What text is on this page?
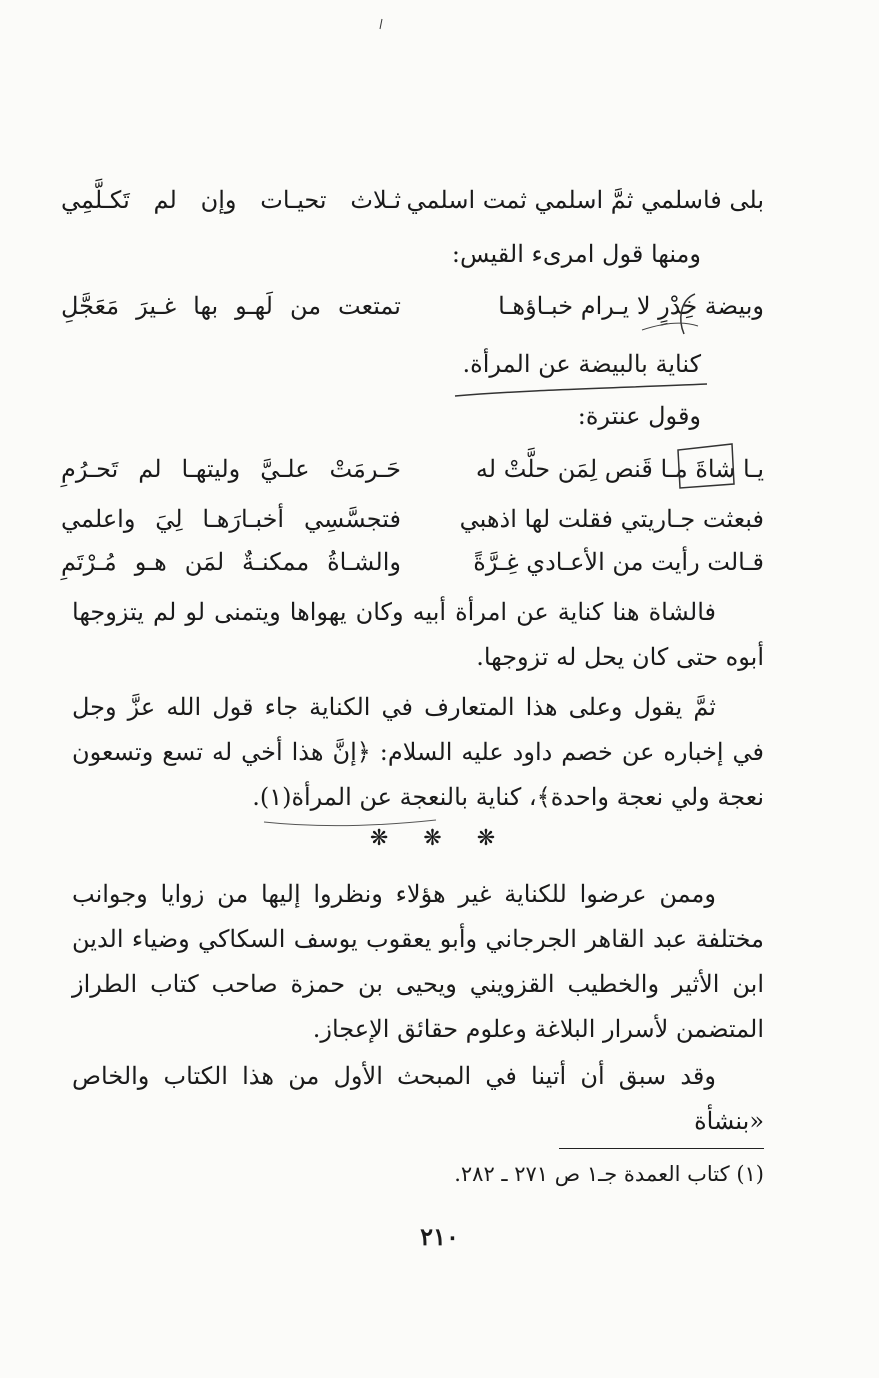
بلى فاسلمي ثمَّ اسلمي ثمت اسلمي
ثـلاث تحيـات وإن لم تَكـلَّمِي
ومنها قول امرىء القيس:
وبيضة خِدْرٍ لا يـرام خبـاؤهـا
تمتعت من لَهـو بها غـيرَ مَعَجَّلِ
كناية بالبيضة عن المرأة.
وقول عنترة:
يـا شاةَ مـا قَنص لِمَن حلَّتْ له
حَـرمَتْ علـيَّ وليتهـا لم تَحـرُمِ
فبعثت جـاريتي فقلت لها اذهبي
فتجسَّسِي أخبـارَهـا لِيَ واعلمي
قـالت رأيت من الأعـادي غِـرَّةً
والشـاةُ ممكنـةٌ لمَن هـو مُـرْتَمِ
فالشاة هنا كناية عن امرأة أبيه وكان يهواها ويتمنى لو لم يتزوجها أبوه حتى كان يحل له تزوجها.
ثمَّ يقول وعلى هذا المتعارف في الكناية جاء قول الله عزَّ وجل في إخباره عن خصم داود عليه السلام: ﴿إنَّ هذا أخي له تسع وتسعون نعجة ولي نعجة واحدة﴾، كناية بالنعجة عن المرأة(١).
❋ ❋ ❋
وممن عرضوا للكناية غير هؤلاء ونظروا إليها من زوايا وجوانب مختلفة عبد القاهر الجرجاني وأبو يعقوب يوسف السكاكي وضياء الدين ابن الأثير والخطيب القزويني ويحيى بن حمزة صاحب كتاب الطراز المتضمن لأسرار البلاغة وعلوم حقائق الإعجاز.
وقد سبق أن أتينا في المبحث الأول من هذا الكتاب والخاص «بنشأة
(١) كتاب العمدة جـ١ ص ٢٧١ ـ ٢٨٢.
٢١٠
